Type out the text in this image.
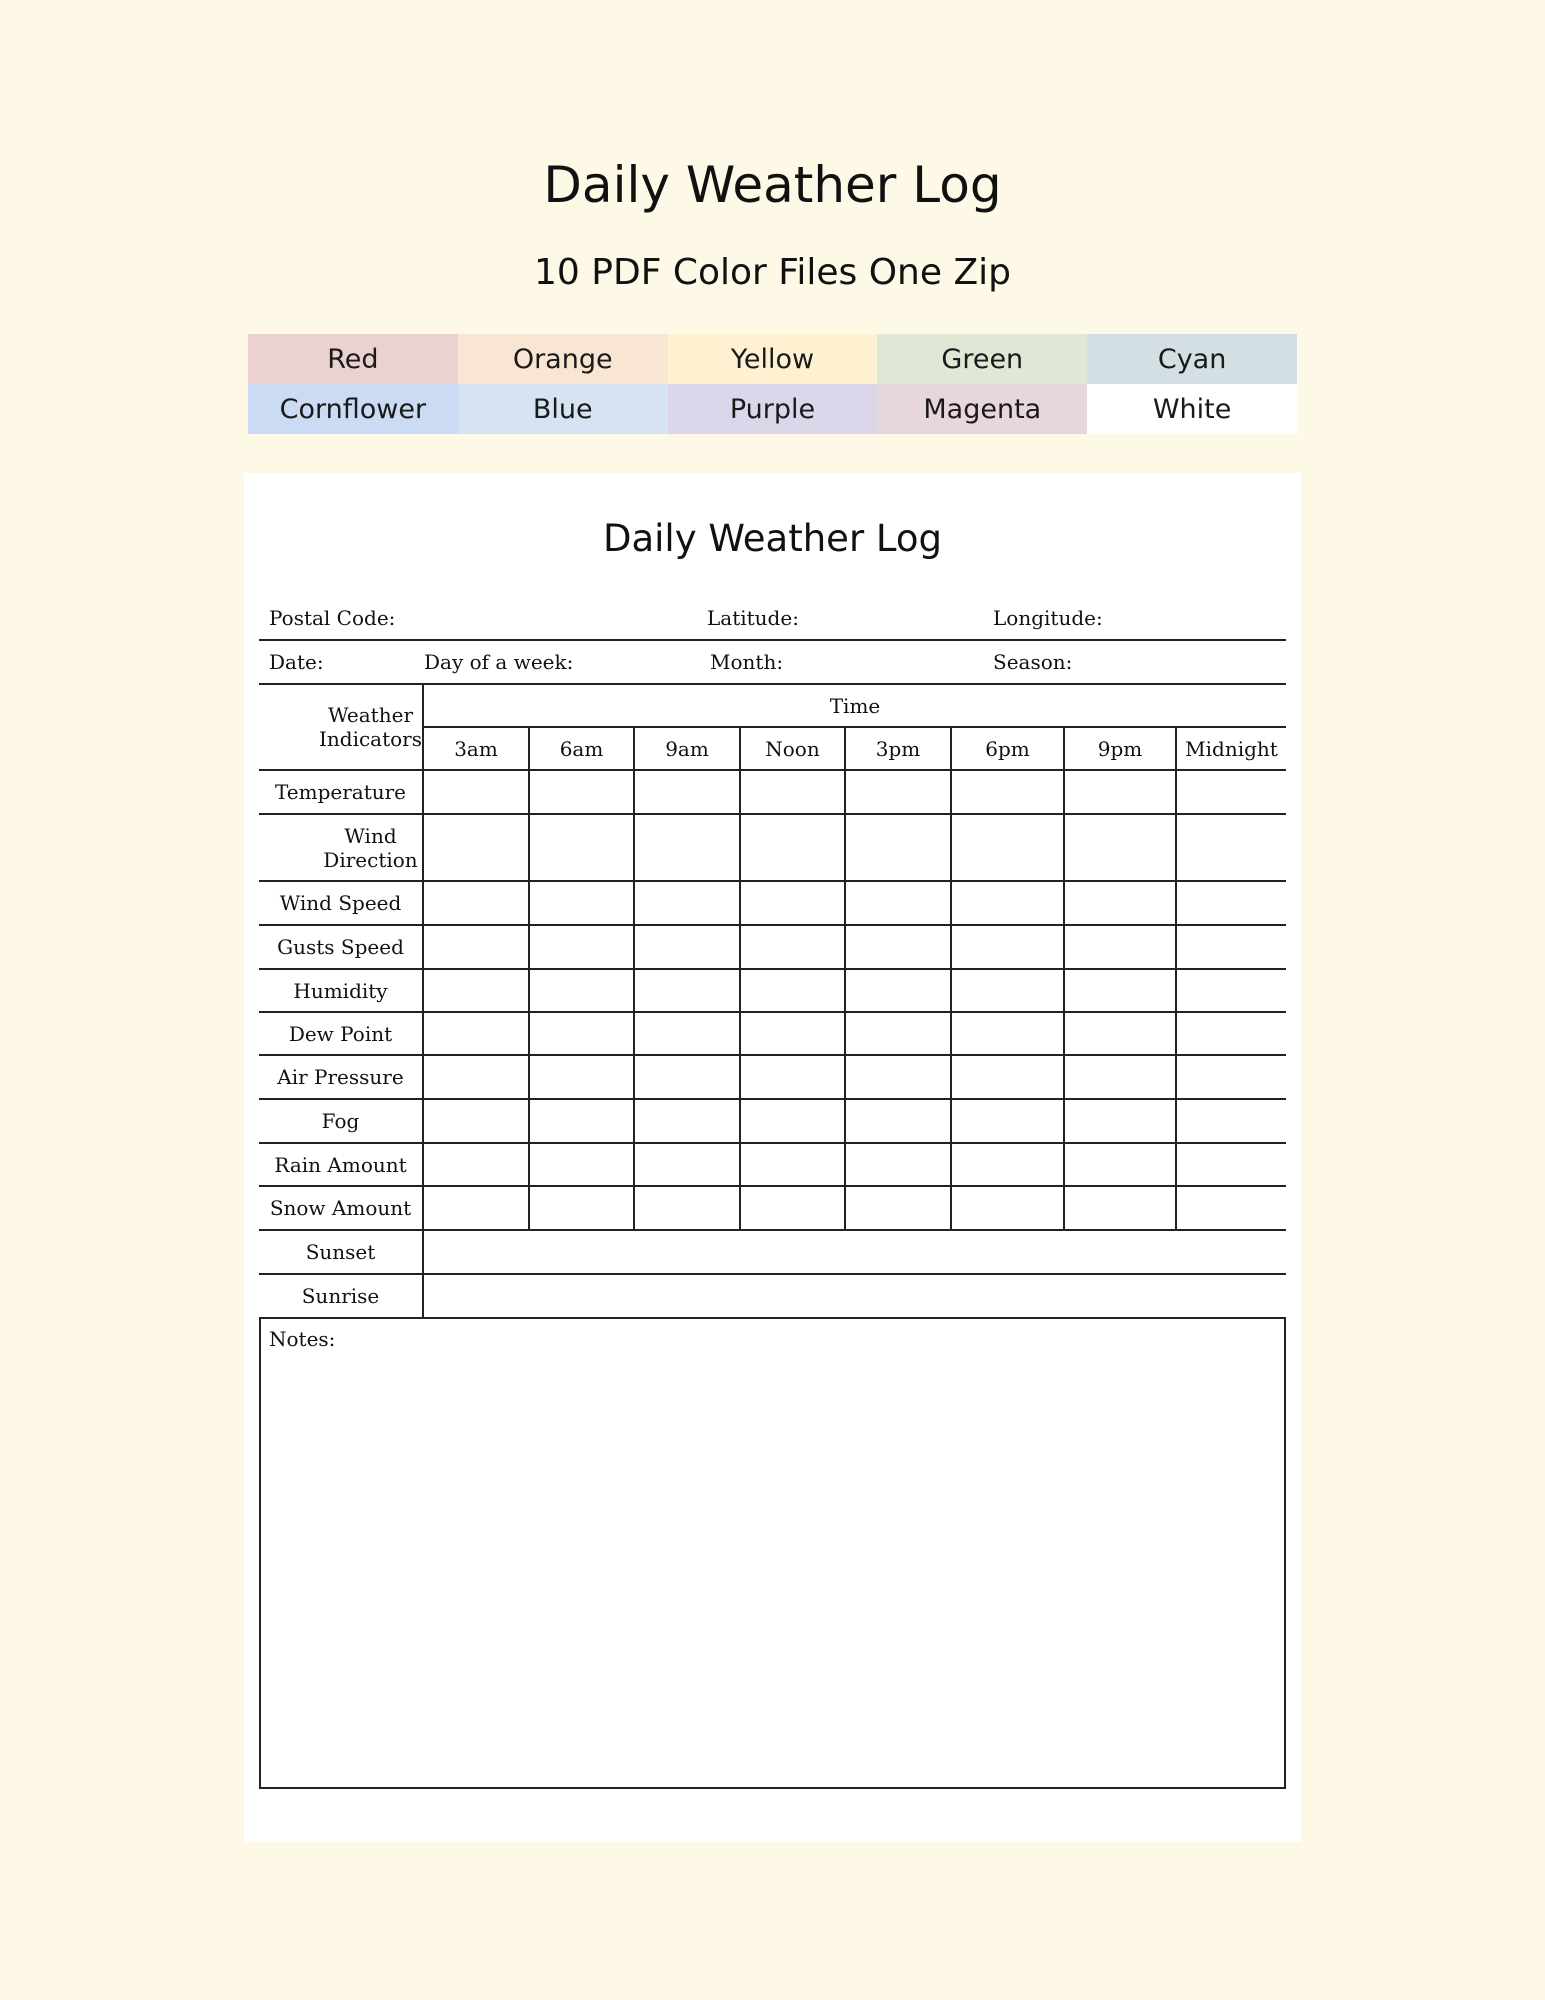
Daily Weather Log
10 PDF Color Files One Zip
Red	Orange	Yellow	Green	Cyan
Cornflower	Blue	Purple	Magenta	White
Daily Weather Log
Postal Code:	Latitude:	Longitude:
Date:	Day of a week:	Month:	Season:
Weather Indicators
Time
3am	6am	9am	Noon	3pm	6pm	9pm	Midnight
Temperature
Wind Direction
Wind Speed
Gusts Speed
Humidity
Dew Point
Air Pressure
Fog
Rain Amount
Snow Amount
Sunset
Sunrise
Notes:
